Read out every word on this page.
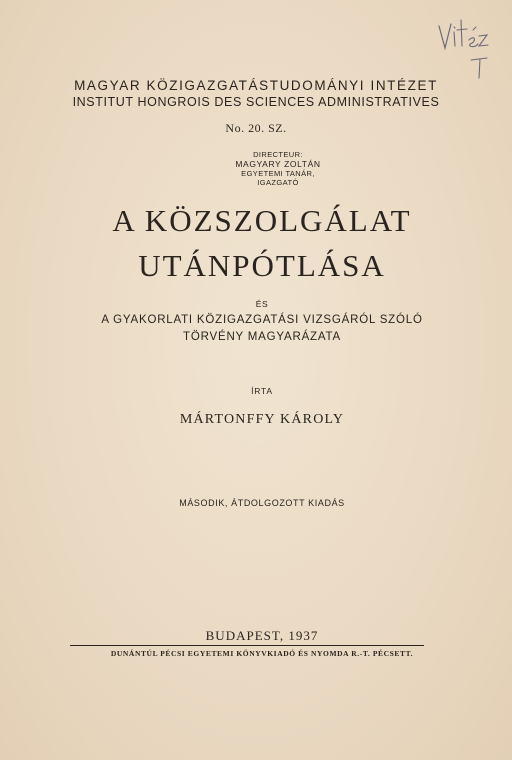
MAGYAR KÖZIGAZGATÁSTUDOMÁNYI INTÉZET
INSTITUT HONGROIS DES SCIENCES ADMINISTRATIVES
No. 20. SZ.
DIRECTEUR:
MAGYARY ZOLTÁN
EGYETEMI TANÁR,
IGAZGATÓ
A KÖZSZOLGÁLAT
UTÁNPÓTLÁSA
ÉS
A GYAKORLATI KÖZIGAZGATÁSI VIZSGÁRÓL SZÓLÓ
TÖRVÉNY MAGYARÁZATA
ÍRTA
MÁRTONFFY KÁROLY
MÁSODIK, ÁTDOLGOZOTT KIADÁS
BUDAPEST, 1937
DUNÁNTÚL PÉCSI EGYETEMI KÖNYVKIADÓ ÉS NYOMDA R.-T. PÉCSETT.
